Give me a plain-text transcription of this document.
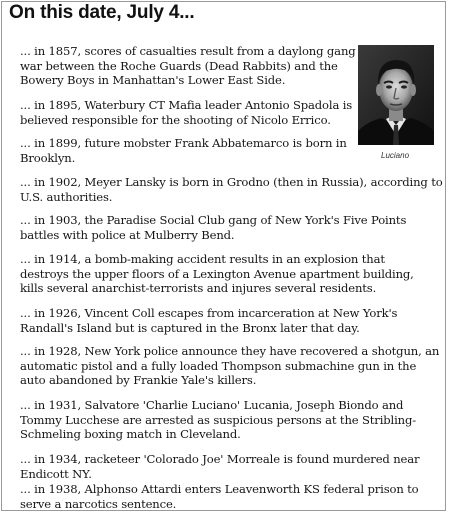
On this date, July 4...
Luciano
... in 1857, scores of casualties result from a daylong gang
war between the Roche Guards (Dead Rabbits) and the
Bowery Boys in Manhattan's Lower East Side.
... in 1895, Waterbury CT Mafia leader Antonio Spadola is
believed responsible for the shooting of Nicolo Errico.
... in 1899, future mobster Frank Abbatemarco is born in
Brooklyn.
... in 1902, Meyer Lansky is born in Grodno (then in Russia), according to
U.S. authorities.
... in 1903, the Paradise Social Club gang of New York's Five Points
battles with police at Mulberry Bend.
... in 1914, a bomb-making accident results in an explosion that
destroys the upper floors of a Lexington Avenue apartment building,
kills several anarchist-terrorists and injures several residents.
... in 1926, Vincent Coll escapes from incarceration at New York's
Randall's Island but is captured in the Bronx later that day.
... in 1928, New York police announce they have recovered a shotgun, an
automatic pistol and a fully loaded Thompson submachine gun in the
auto abandoned by Frankie Yale's killers.
... in 1931, Salvatore 'Charlie Luciano' Lucania, Joseph Biondo and
Tommy Lucchese are arrested as suspicious persons at the Stribling-
Schmeling boxing match in Cleveland.
... in 1934, racketeer 'Colorado Joe' Morreale is found murdered near
Endicott NY.
... in 1938, Alphonso Attardi enters Leavenworth KS federal prison to
serve a narcotics sentence.
